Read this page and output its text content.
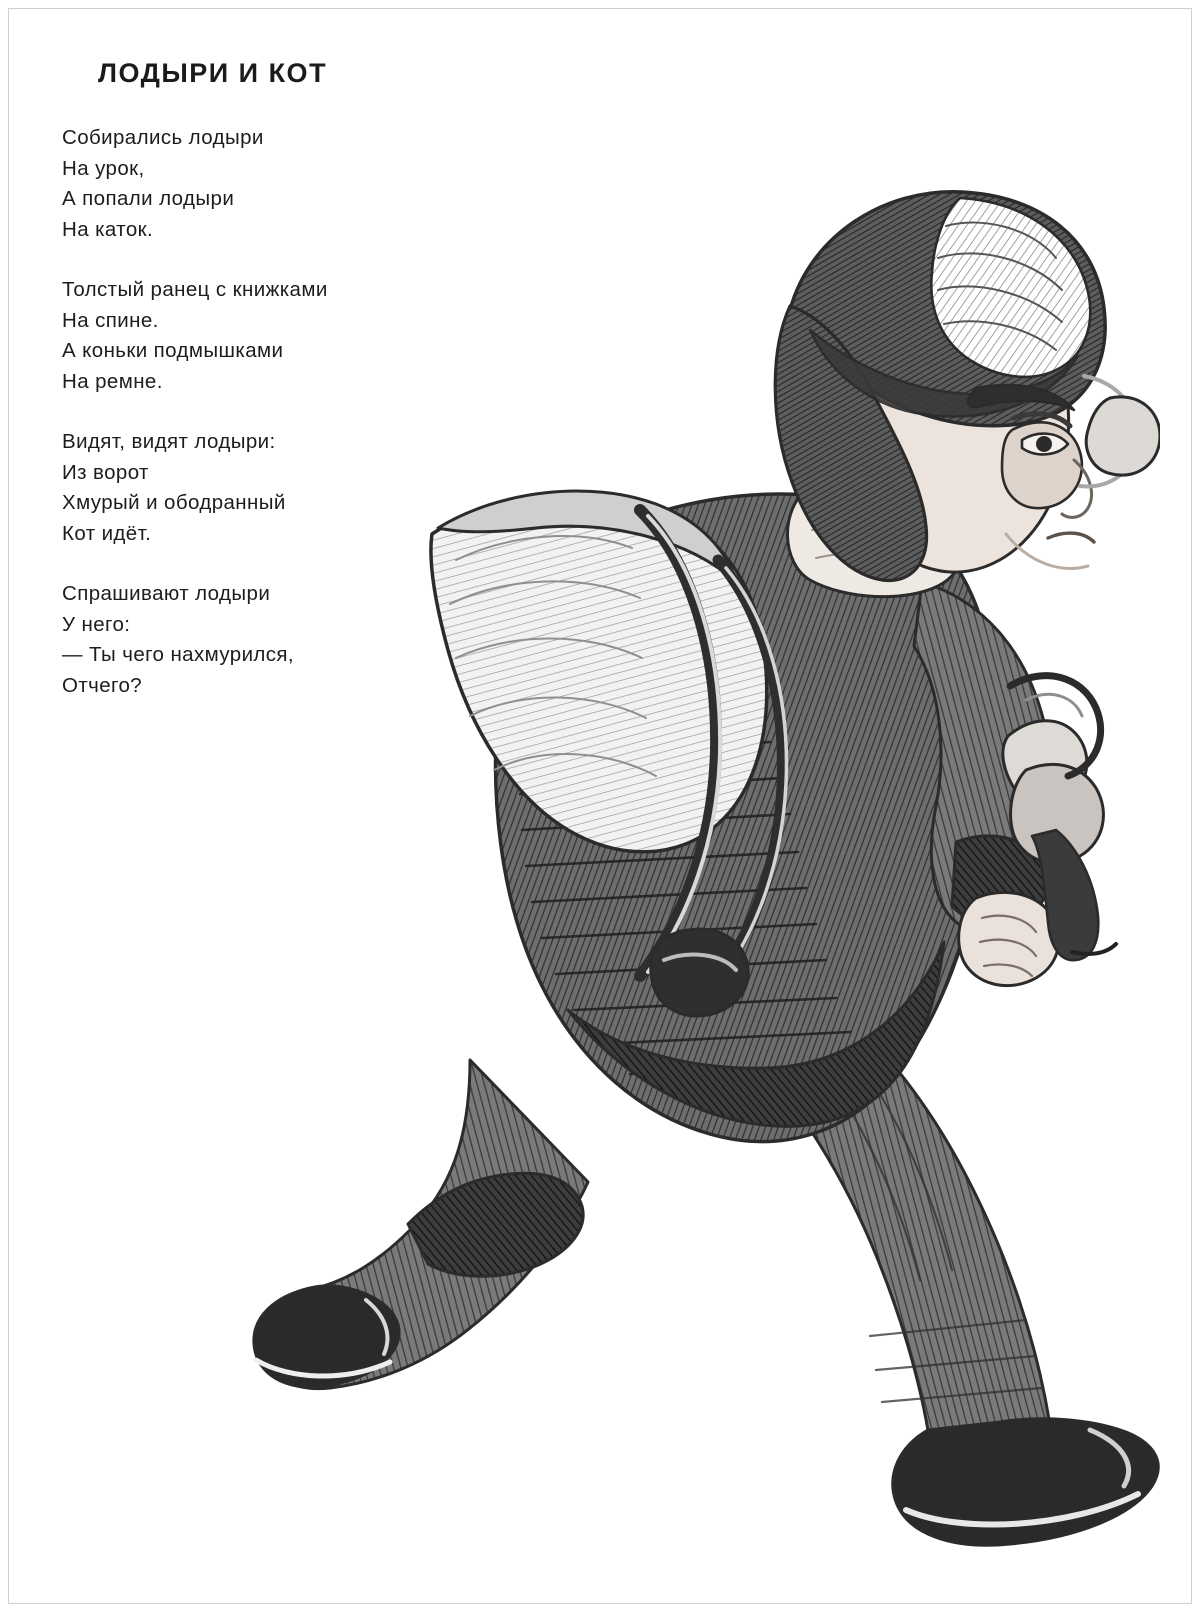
ЛОДЫРИ И КОТ

Собирались лодыри
На урок,
А попали лодыри
На каток.

Толстый ранец с книжками
На спине.
А коньки подмышками
На ремне.

Видят, видят лодыри:
Из ворот
Хмурый и ободранный
Кот идёт.

Спрашивают лодыри
У него:
— Ты чего нахмурился,
Отчего?
